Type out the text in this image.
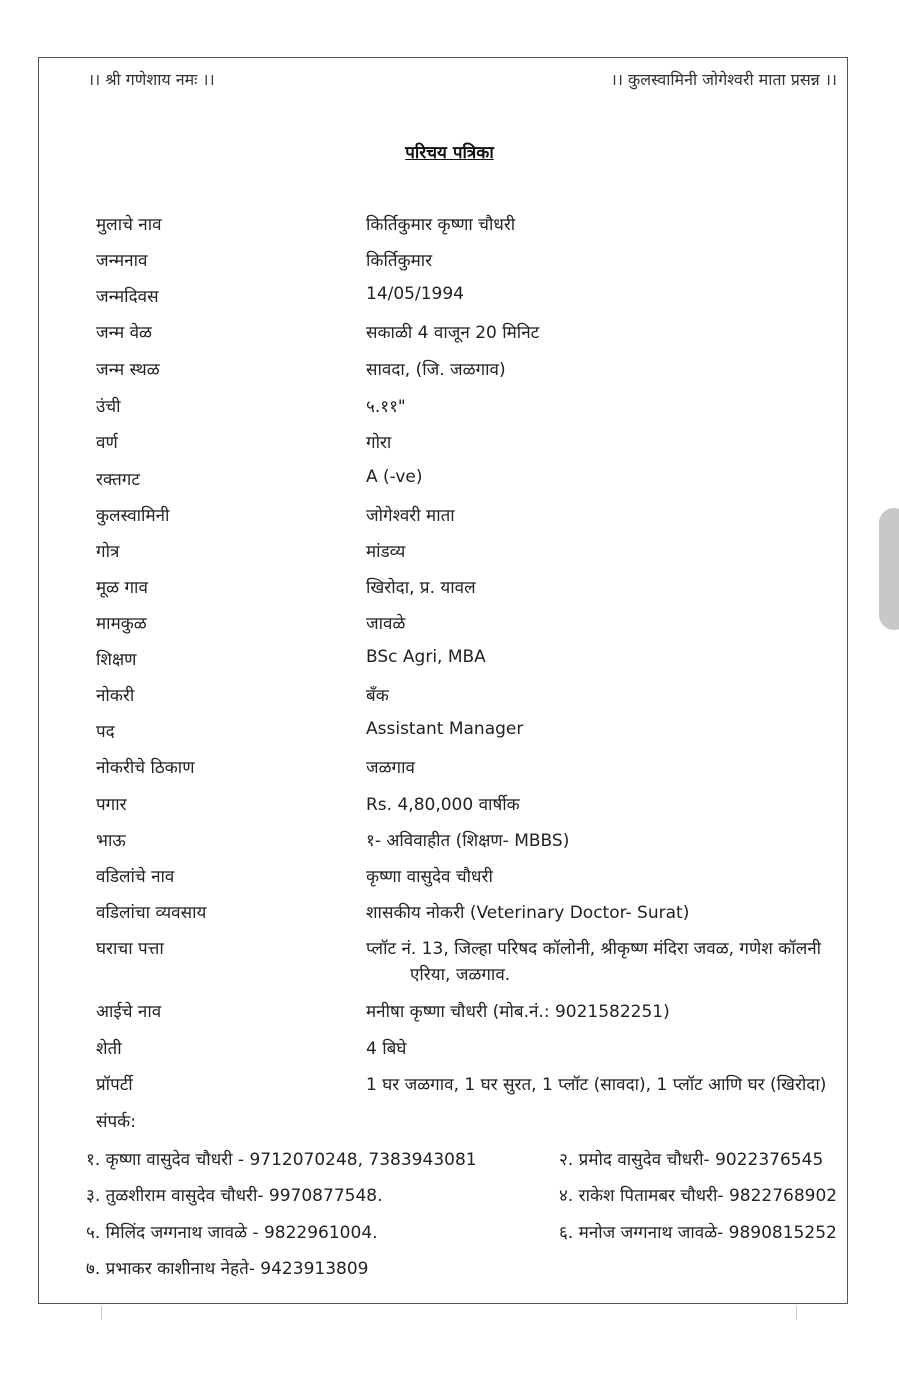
।। श्री गणेशाय नमः ।।	।। कुलस्वामिनी जोगेश्वरी माता प्रसन्न ।।
परिचय पत्रिका
मुलाचे नाव	किर्तिकुमार कृष्णा चौधरी
जन्मनाव	किर्तिकुमार
जन्मदिवस	14/05/1994
जन्म वेळ	सकाळी 4 वाजून 20 मिनिट
जन्म स्थळ	सावदा, (जि. जळगाव)
उंची	५.११"
वर्ण	गोरा
रक्तगट	A (-ve)
कुलस्वामिनी	जोगेश्वरी माता
गोत्र	मांडव्य
मूळ गाव	खिरोदा, प्र. यावल
मामकुळ	जावळे
शिक्षण	BSc Agri, MBA
नोकरी	बँक
पद	Assistant Manager
नोकरीचे ठिकाण	जळगाव
पगार	Rs. 4,80,000 वार्षीक
भाऊ	१- अविवाहीत (शिक्षण- MBBS)
वडिलांचे नाव	कृष्णा वासुदेव चौधरी
वडिलांचा व्यवसाय	शासकीय नोकरी (Veterinary Doctor- Surat)
घराचा पत्ता	प्लॉट नं. 13, जिल्हा परिषद कॉलोनी, श्रीकृष्ण मंदिरा जवळ, गणेश कॉलनी
एरिया, जळगाव.
आईचे नाव	मनीषा कृष्णा चौधरी (मोब.नं.: 9021582251)
शेती	4 बिघे
प्रॉपर्टी	1 घर जळगाव, 1 घर सुरत, 1 प्लॉट (सावदा), 1 प्लॉट आणि घर (खिरोदा)
संपर्क:
१. कृष्णा वासुदेव चौधरी - 9712070248, 7383943081	२. प्रमोद वासुदेव चौधरी- 9022376545
३. तुळशीराम वासुदेव चौधरी- 9970877548.	४. राकेश पितामबर चौधरी- 9822768902
५. मिलिंद जग्गनाथ जावळे - 9822961004.	६. मनोज जग्गनाथ जावळे- 9890815252
७. प्रभाकर काशीनाथ नेहते- 9423913809
